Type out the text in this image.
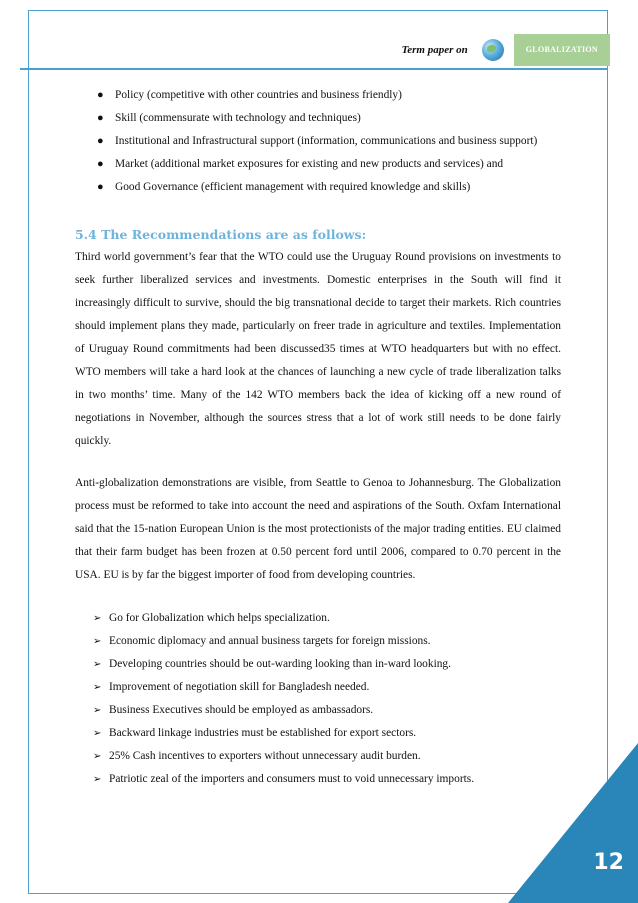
Term paper on	GLOBALIZATION
● Policy (competitive with other countries and business friendly)
● Skill (commensurate with technology and techniques)
● Institutional and Infrastructural support (information, communications and business support)
● Market (additional market exposures for existing and new products and services) and
● Good Governance (efficient management with required knowledge and skills)
5.4 The Recommendations are as follows:

Third world government’s fear that the WTO could use the Uruguay Round provisions on investments to seek further liberalized services and investments. Domestic enterprises in the South will find it increasingly difficult to survive, should the big transnational decide to target their markets. Rich countries should implement plans they made, particularly on freer trade in agriculture and textiles. Implementation of Uruguay Round commitments had been discussed35 times at WTO headquarters but with no effect. WTO members will take a hard look at the chances of launching a new cycle of trade liberalization talks in two months’ time. Many of the 142 WTO members back the idea of kicking off a new round of negotiations in November, although the sources stress that a lot of work still needs to be done fairly quickly.

Anti-globalization demonstrations are visible, from Seattle to Genoa to Johannesburg. The Globalization process must be reformed to take into account the need and aspirations of the South. Oxfam International said that the 15-nation European Union is the most protectionists of the major trading entities. EU claimed that their farm budget has been frozen at 0.50 percent ford until 2006, compared to 0.70 percent in the USA. EU is by far the biggest importer of food from developing countries.

➢ Go for Globalization which helps specialization.
➢ Economic diplomacy and annual business targets for foreign missions.
➢ Developing countries should be out-warding looking than in-ward looking.
➢ Improvement of negotiation skill for Bangladesh needed.
➢ Business Executives should be employed as ambassadors.
➢ Backward linkage industries must be established for export sectors.
➢ 25% Cash incentives to exporters without unnecessary audit burden.
➢ Patriotic zeal of the importers and consumers must to void unnecessary imports.
12
